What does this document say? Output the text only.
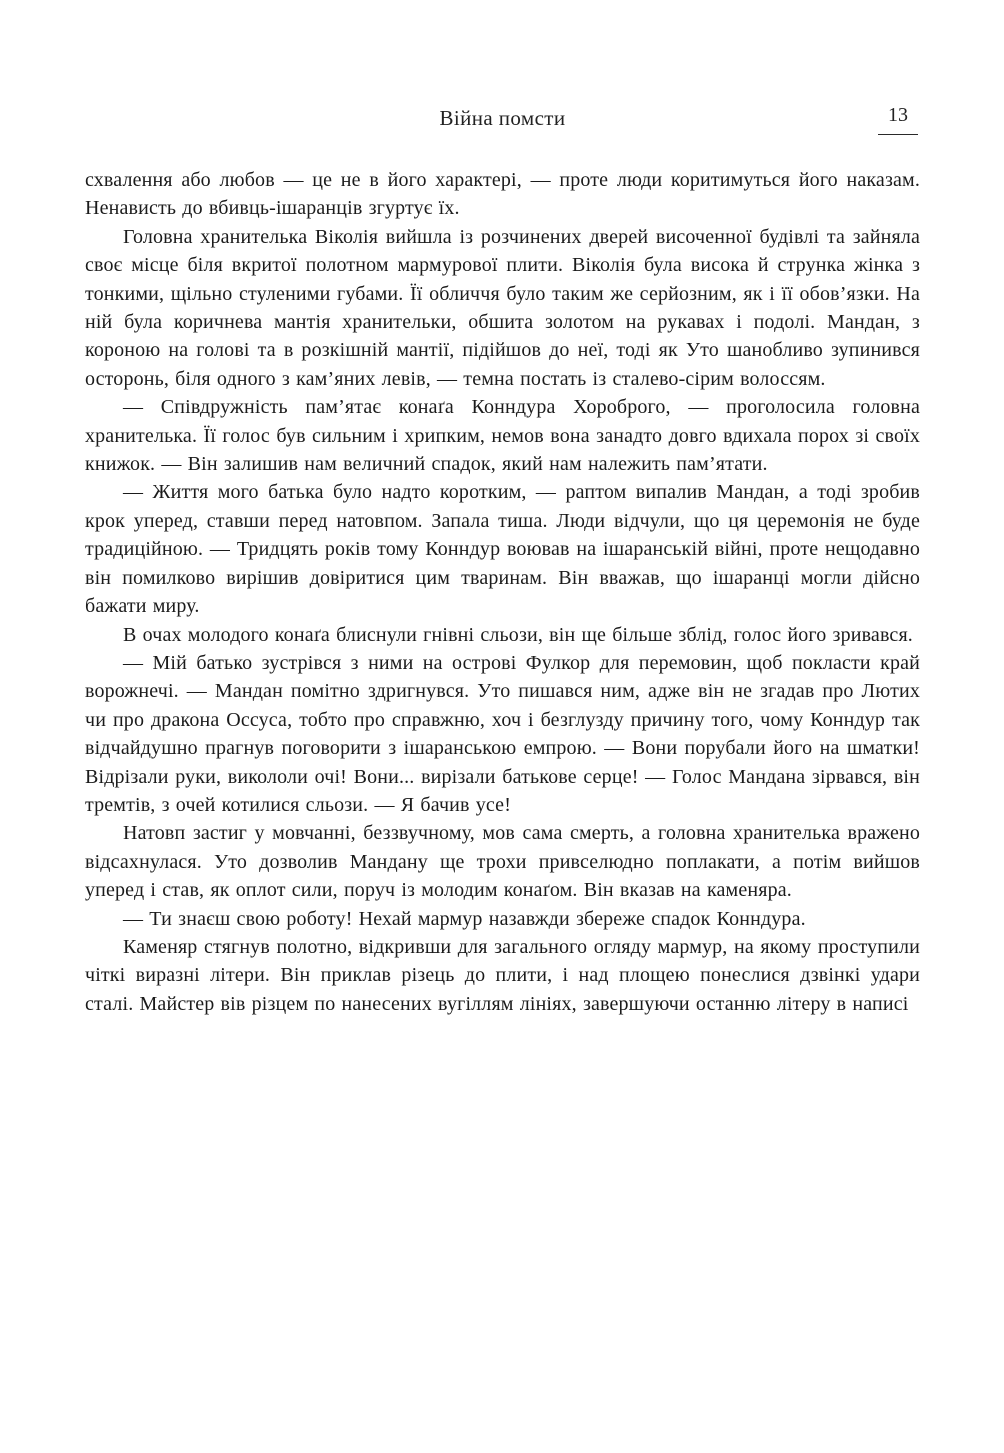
Війна помсти	13

схвалення або любов — це не в його характері, — проте люди коритимуться його наказам. Ненависть до вбивць-ішаранців згуртує їх.

Головна хранителька Віколія вийшла із розчинених дверей височенної будівлі та зайняла своє місце біля вкритої полотном мармурової плити. Віколія була висока й струнка жінка з тонкими, щільно стуленими губами. Її обличчя було таким же серйозним, як і її обов’язки. На ній була коричнева мантія хранительки, обшита золотом на рукавах і подолі. Мандан, з короною на голові та в розкішній мантії, підійшов до неї, тоді як Уто шанобливо зупинився осторонь, біля одного з кам’яних левів, — темна постать із сталево-сірим волоссям.

— Співдружність пам’ятає конаґа Конндура Хороброго, — проголосила головна хранителька. Її голос був сильним і хрипким, немов вона занадто довго вдихала порох зі своїх книжок. — Він залишив нам величний спадок, який нам належить пам’ятати.

— Життя мого батька було надто коротким, — раптом випалив Мандан, а тоді зробив крок уперед, ставши перед натовпом. Запала тиша. Люди відчули, що ця церемонія не буде традиційною. — Тридцять років тому Конндур воював на ішаранській війні, проте нещодавно він помилково вирішив довіритися цим тваринам. Він вважав, що ішаранці могли дійсно бажати миру.

В очах молодого конаґа блиснули гнівні сльози, він ще більше зблід, голос його зривався.

— Мій батько зустрівся з ними на острові Фулкор для перемовин, щоб покласти край ворожнечі. — Мандан помітно здригнувся. Уто пишався ним, адже він не згадав про Лютих чи про дракона Оссуса, тобто про справжню, хоч і безглузду причину того, чому Конндур так відчайдушно прагнув поговорити з ішаранською емпрою. — Вони порубали його на шматки! Відрізали руки, викололи очі! Вони... вирізали батькове серце! — Голос Мандана зірвався, він тремтів, з очей котилися сльози. — Я бачив усе!

Натовп застиг у мовчанні, беззвучному, мов сама смерть, а головна хранителька вражено відсахнулася. Уто дозволив Мандану ще трохи привселюдно поплакати, а потім вийшов уперед і став, як оплот сили, поруч із молодим конаґом. Він вказав на каменяра.

— Ти знаєш свою роботу! Нехай мармур назавжди збереже спадок Конндура.

Каменяр стягнув полотно, відкривши для загального огляду мармур, на якому проступили чіткі виразні літери. Він приклав різець до плити, і над площею понеслися дзвінкі удари сталі. Майстер вів різцем по нанесених вугіллям лініях, завершуючи останню літеру в написі
